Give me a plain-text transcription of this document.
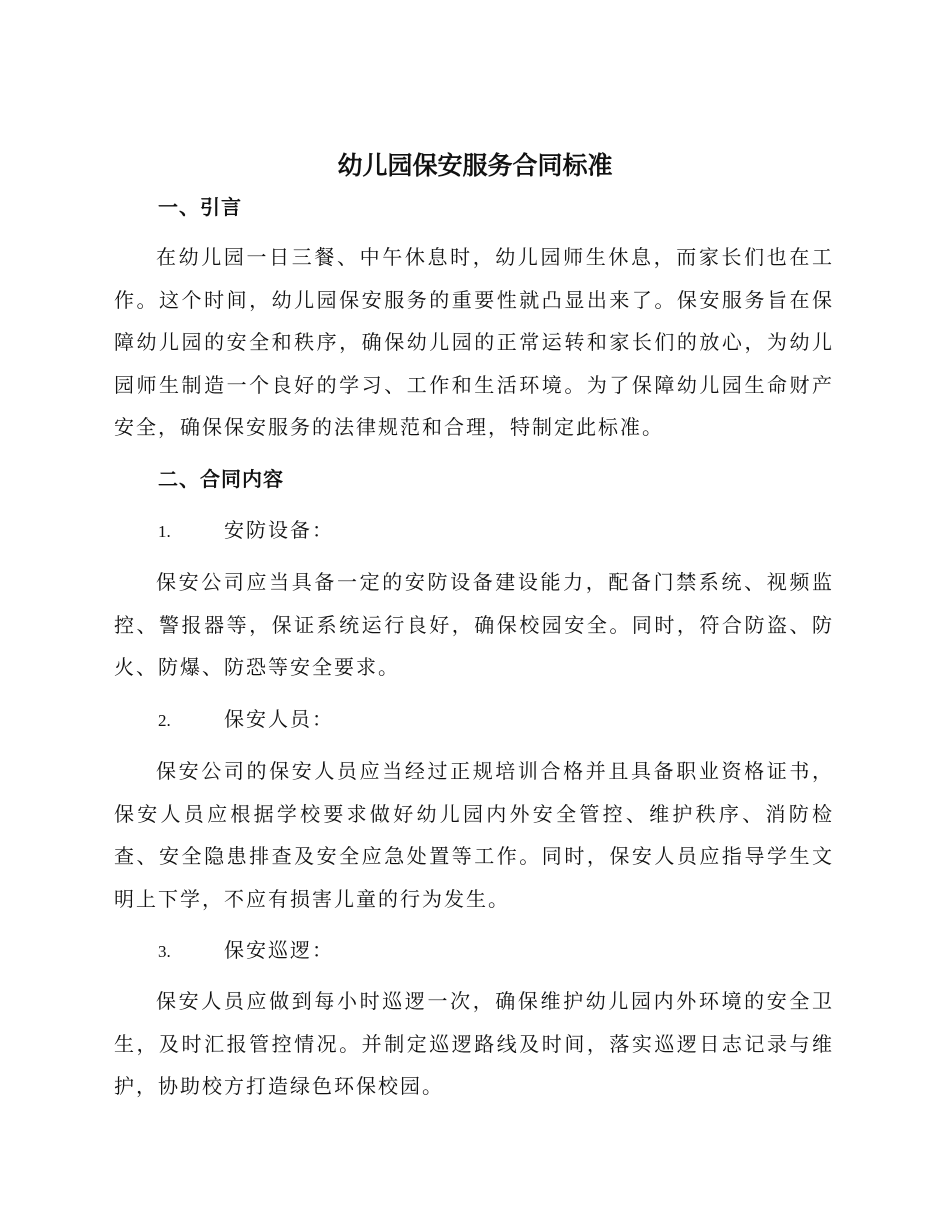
幼儿园保安服务合同标准
一、引言

在幼儿园一日三餐、中午休息时，幼儿园师生休息，而家长们也在工作。这个时间，幼儿园保安服务的重要性就凸显出来了。保安服务旨在保障幼儿园的安全和秩序，确保幼儿园的正常运转和家长们的放心，为幼儿园师生制造一个良好的学习、工作和生活环境。为了保障幼儿园生命财产安全，确保保安服务的法律规范和合理，特制定此标准。

二、合同内容
1.	安防设备：

保安公司应当具备一定的安防设备建设能力，配备门禁系统、视频监控、警报器等，保证系统运行良好，确保校园安全。同时，符合防盗、防火、防爆、防恐等安全要求。

2.	保安人员：

保安公司的保安人员应当经过正规培训合格并且具备职业资格证书，保安人员应根据学校要求做好幼儿园内外安全管控、维护秩序、消防检查、安全隐患排查及安全应急处置等工作。同时，保安人员应指导学生文明上下学，不应有损害儿童的行为发生。

3.	保安巡逻：

保安人员应做到每小时巡逻一次，确保维护幼儿园内外环境的安全卫生，及时汇报管控情况。并制定巡逻路线及时间，落实巡逻日志记录与维护，协助校方打造绿色环保校园。
